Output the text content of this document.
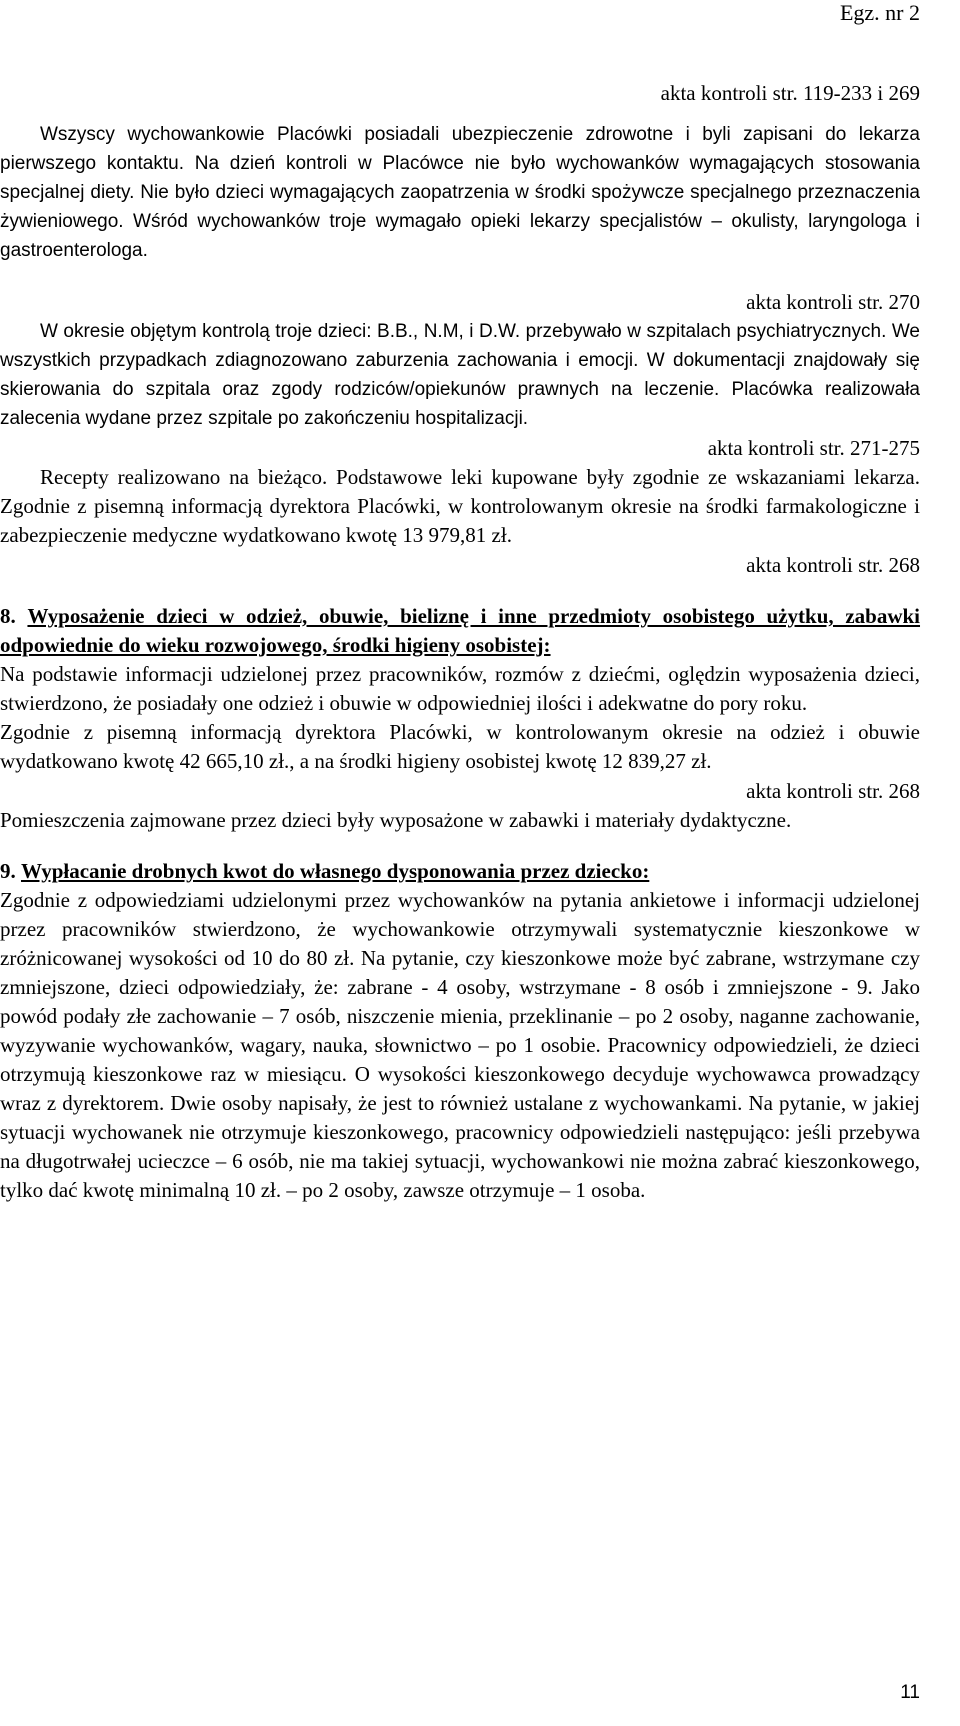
Egz. nr 2

akta kontroli str. 119-233 i 269

Wszyscy wychowankowie Placówki posiadali ubezpieczenie zdrowotne i byli zapisani do lekarza pierwszego kontaktu. Na dzień kontroli w Placówce nie było wychowanków wymagających stosowania specjalnej diety. Nie było dzieci wymagających zaopatrzenia w środki spożywcze specjalnego przeznaczenia żywieniowego. Wśród wychowanków troje wymagało opieki lekarzy specjalistów – okulisty, laryngologa i gastroenterologa.

akta kontroli str. 270

W okresie objętym kontrolą troje dzieci: B.B., N.M, i D.W. przebywało w szpitalach psychiatrycznych. We wszystkich przypadkach zdiagnozowano zaburzenia zachowania i emocji. W dokumentacji znajdowały się skierowania do szpitala oraz zgody rodziców/opiekunów prawnych na leczenie. Placówka realizowała zalecenia wydane przez szpitale po zakończeniu hospitalizacji.

akta kontroli str. 271-275

Recepty realizowano na bieżąco. Podstawowe leki kupowane były zgodnie ze wskazaniami lekarza. Zgodnie z pisemną informacją dyrektora Placówki, w kontrolowanym okresie na środki farmakologiczne i zabezpieczenie medyczne wydatkowano kwotę 13 979,81 zł.

akta kontroli str. 268

8. Wyposażenie dzieci w odzież, obuwie, bieliznę i inne przedmioty osobistego użytku, zabawki odpowiednie do wieku rozwojowego, środki higieny osobistej:

Na podstawie informacji udzielonej przez pracowników, rozmów z dziećmi, oględzin wyposażenia dzieci, stwierdzono, że posiadały one odzież i obuwie w odpowiedniej ilości i adekwatne do pory roku.

Zgodnie z pisemną informacją dyrektora Placówki, w kontrolowanym okresie na odzież i obuwie wydatkowano kwotę 42 665,10 zł., a na środki higieny osobistej kwotę 12 839,27 zł.

akta kontroli str. 268

Pomieszczenia zajmowane przez dzieci były wyposażone w zabawki i materiały dydaktyczne.

9. Wypłacanie drobnych kwot do własnego dysponowania przez dziecko:

Zgodnie z odpowiedziami udzielonymi przez wychowanków na pytania ankietowe i informacji udzielonej przez pracowników stwierdzono, że wychowankowie otrzymywali systematycznie kieszonkowe w zróżnicowanej wysokości od 10 do 80 zł. Na pytanie, czy kieszonkowe może być zabrane, wstrzymane czy zmniejszone, dzieci odpowiedziały, że: zabrane - 4 osoby, wstrzymane - 8 osób i zmniejszone - 9. Jako powód podały złe zachowanie – 7 osób, niszczenie mienia, przeklinanie – po 2 osoby, naganne zachowanie, wyzywanie wychowanków, wagary, nauka, słownictwo – po 1 osobie. Pracownicy odpowiedzieli, że dzieci otrzymują kieszonkowe raz w miesiącu. O wysokości kieszonkowego decyduje wychowawca prowadzący wraz z dyrektorem. Dwie osoby napisały, że jest to również ustalane z wychowankami. Na pytanie, w jakiej sytuacji wychowanek nie otrzymuje kieszonkowego, pracownicy odpowiedzieli następująco: jeśli przebywa na długotrwałej ucieczce – 6 osób, nie ma takiej sytuacji, wychowankowi nie można zabrać kieszonkowego, tylko dać kwotę minimalną 10 zł. – po 2 osoby, zawsze otrzymuje – 1 osoba.

11
